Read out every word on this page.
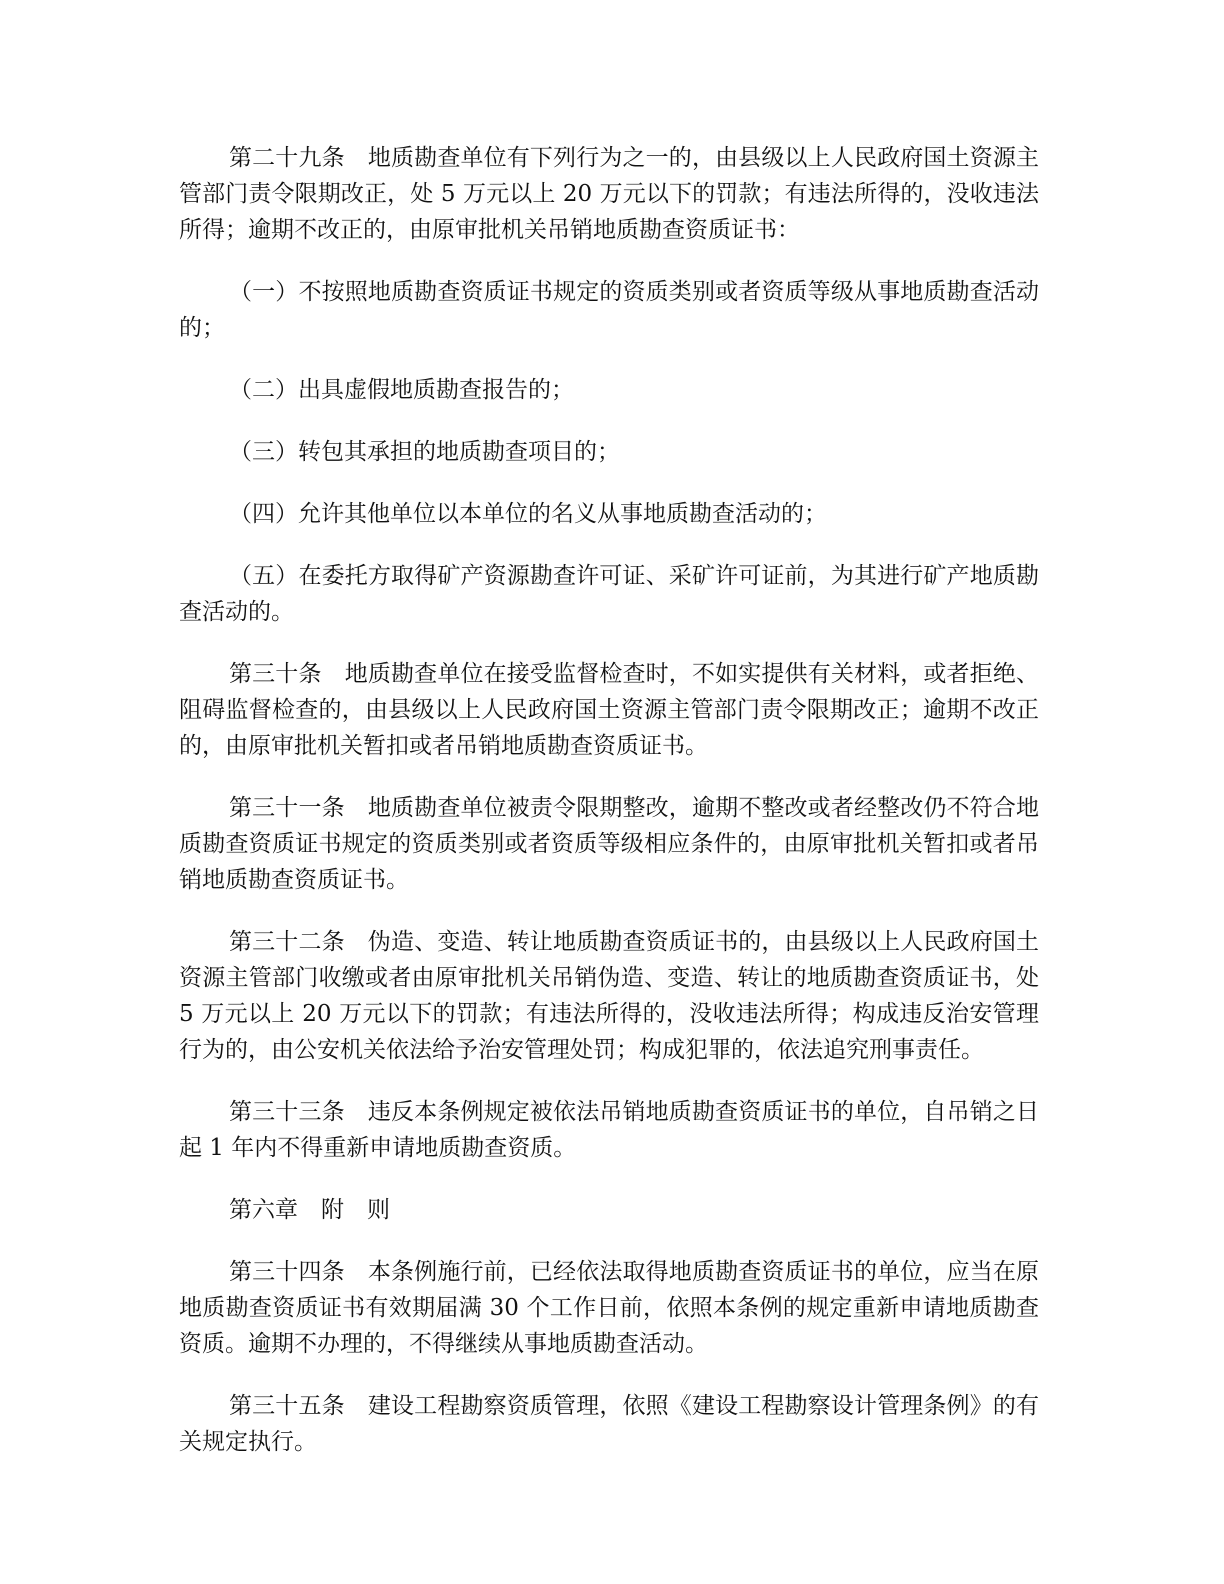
第二十九条　地质勘查单位有下列行为之一的，由县级以上人民政府国土资源主管部门责令限期改正，处 5 万元以上 20 万元以下的罚款；有违法所得的，没收违法所得；逾期不改正的，由原审批机关吊销地质勘查资质证书：

（一）不按照地质勘查资质证书规定的资质类别或者资质等级从事地质勘查活动的；

（二）出具虚假地质勘查报告的；

（三）转包其承担的地质勘查项目的；

（四）允许其他单位以本单位的名义从事地质勘查活动的；

（五）在委托方取得矿产资源勘查许可证、采矿许可证前，为其进行矿产地质勘查活动的。

第三十条　地质勘查单位在接受监督检查时，不如实提供有关材料，或者拒绝、阻碍监督检查的，由县级以上人民政府国土资源主管部门责令限期改正；逾期不改正的，由原审批机关暂扣或者吊销地质勘查资质证书。

第三十一条　地质勘查单位被责令限期整改，逾期不整改或者经整改仍不符合地质勘查资质证书规定的资质类别或者资质等级相应条件的，由原审批机关暂扣或者吊销地质勘查资质证书。

第三十二条　伪造、变造、转让地质勘查资质证书的，由县级以上人民政府国土资源主管部门收缴或者由原审批机关吊销伪造、变造、转让的地质勘查资质证书，处 5 万元以上 20 万元以下的罚款；有违法所得的，没收违法所得；构成违反治安管理行为的，由公安机关依法给予治安管理处罚；构成犯罪的，依法追究刑事责任。

第三十三条　违反本条例规定被依法吊销地质勘查资质证书的单位，自吊销之日起 1 年内不得重新申请地质勘查资质。

第六章　附　则

第三十四条　本条例施行前，已经依法取得地质勘查资质证书的单位，应当在原地质勘查资质证书有效期届满 30 个工作日前，依照本条例的规定重新申请地质勘查资质。逾期不办理的，不得继续从事地质勘查活动。

第三十五条　建设工程勘察资质管理，依照《建设工程勘察设计管理条例》的有关规定执行。
